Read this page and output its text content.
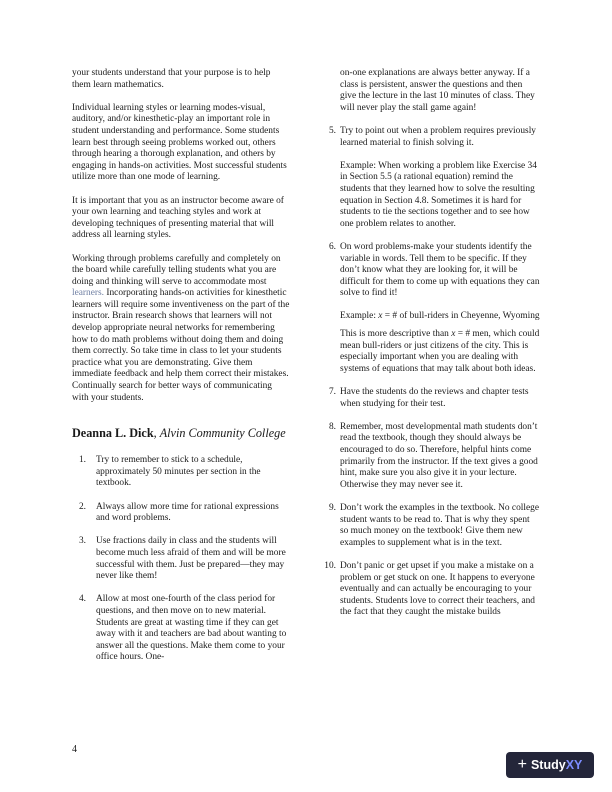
your students understand that your purpose is to help them learn mathematics.

Individual learning styles or learning modes-visual, auditory, and/or kinesthetic-play an important role in student understanding and performance. Some students learn best through seeing problems worked out, others through hearing a thorough explanation, and others by engaging in hands-on activities. Most successful students utilize more than one mode of learning.

It is important that you as an instructor become aware of your own learning and teaching styles and work at developing techniques of presenting material that will address all learning styles.

Working through problems carefully and completely on the board while carefully telling students what you are doing and thinking will serve to accommodate most learners. Incorporating hands-on activities for kinesthetic learners will require some inventiveness on the part of the instructor. Brain research shows that learners will not develop appropriate neural networks for remembering how to do math problems without doing them and doing them correctly. So take time in class to let your students practice what you are demonstrating. Give them immediate feedback and help them correct their mistakes. Continually search for better ways of communicating with your students.

Deanna L. Dick, Alvin Community College
1. Try to remember to stick to a schedule, approximately 50 minutes per section in the textbook.
2. Always allow more time for rational expressions and word problems.
3. Use fractions daily in class and the students will become much less afraid of them and will be more successful with them. Just be prepared—they may never like them!
4. Allow at most one-fourth of the class period for questions, and then move on to new material. Students are great at wasting time if they can get away with it and teachers are bad about wanting to answer all the questions. Make them come to your office hours. One-

on-one explanations are always better anyway. If a class is persistent, answer the questions and then give the lecture in the last 10 minutes of class. They will never play the stall game again!

5. Try to point out when a problem requires previously learned material to finish solving it.
Example: When working a problem like Exercise 34 in Section 5.5 (a rational equation) remind the students that they learned how to solve the resulting equation in Section 4.8. Sometimes it is hard for students to tie the sections together and to see how one problem relates to another.
6. On word problems-make your students identify the variable in words. Tell them to be specific. If they don’t know what they are looking for, it will be difficult for them to come up with equations they can solve to find it!
Example: x = # of bull-riders in Cheyenne, Wyoming
This is more descriptive than x = # men, which could mean bull-riders or just citizens of the city. This is especially important when you are dealing with systems of equations that may talk about both ideas.
7. Have the students do the reviews and chapter tests when studying for their test.
8. Remember, most developmental math students don’t read the textbook, though they should always be encouraged to do so. Therefore, helpful hints come primarily from the instructor. If the text gives a good hint, make sure you also give it in your lecture. Otherwise they may never see it.
9. Don’t work the examples in the textbook. No college student wants to be read to. That is why they spent so much money on the textbook! Give them new examples to supplement what is in the text.
10. Don’t panic or get upset if you make a mistake on a problem or get stuck on one. It happens to everyone eventually and can actually be encouraging to your students. Students love to correct their teachers, and the fact that they caught the mistake builds
4
+ StudyXY
